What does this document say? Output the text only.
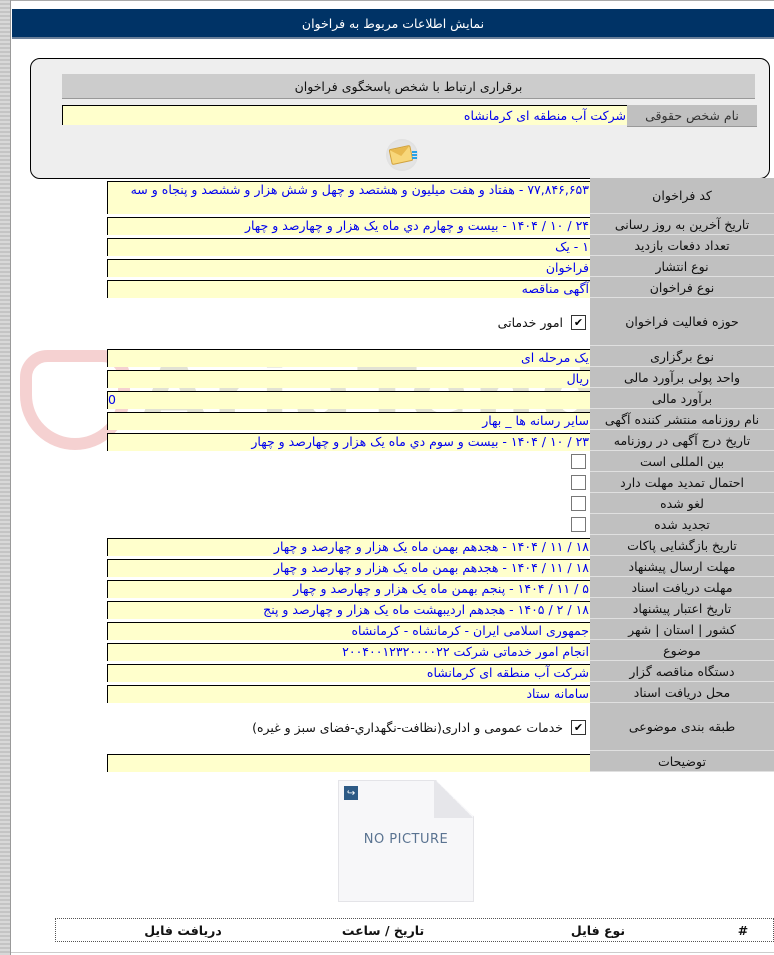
نمایش اطلاعات مربوط به فراخوان
برقراری ارتباط با شخص پاسخگوی فراخوان
نام شخص حقوقی
شرکت آب منطقه ای کرمانشاه
کد فراخوان
۷۷,۸۴۶,۶۵۳ - هفتاد و هفت میلیون و هشتصد و چهل و شش هزار و ششصد و پنجاه و سه
تاریخ آخرین به روز رسانی
۲۴ / ۱۰ / ۱۴۰۴ - بیست و چهارم دي ماه یک هزار و چهارصد و چهار
تعداد دفعات بازدید
۱ - یک
نوع انتشار
فراخوان
نوع فراخوان
آگهی مناقصه
حوزه فعالیت فراخوان
✔
امور خدماتی
نوع برگزاری
یک مرحله ای
واحد پولی برآورد مالی
ریال
برآورد مالی
0
نام روزنامه منتشر کننده آگهی
سایر رسانه ها _ بهار
تاریخ درج آگهی در روزنامه
۲۳ / ۱۰ / ۱۴۰۴ - بیست و سوم دي ماه یک هزار و چهارصد و چهار
بین المللی است
احتمال تمدید مهلت دارد
لغو شده
تجدید شده
تاریخ بازگشایی پاکات
۱۸ / ۱۱ / ۱۴۰۴ - هجدهم بهمن ماه یک هزار و چهارصد و چهار
مهلت ارسال پیشنهاد
۱۸ / ۱۱ / ۱۴۰۴ - هجدهم بهمن ماه یک هزار و چهارصد و چهار
مهلت دریافت اسناد
۵ / ۱۱ / ۱۴۰۴ - پنجم بهمن ماه یک هزار و چهارصد و چهار
تاریخ اعتبار پیشنهاد
۱۸ / ۲ / ۱۴۰۵ - هجدهم اردیبهشت ماه یک هزار و چهارصد و پنج
کشور | استان | شهر
جمهوری اسلامی ایران - کرمانشاه - کرمانشاه
موضوع
انجام امور خدماتی شرکت ۲۰۰۴۰۰۱۲۳۲۰۰۰۰۲۲
دستگاه مناقصه گزار
شرکت آب منطقه ای کرمانشاه
محل دریافت اسناد
سامانه ستاد
طبقه بندی موضوعی
✔
خدمات عمومی و اداری(نظافت-نگهداري-فضای سبز و غیره)
توضیحات
↪
NO PICTURE
#
نوع فایل
تاریخ / ساعت
دریافت فایل
